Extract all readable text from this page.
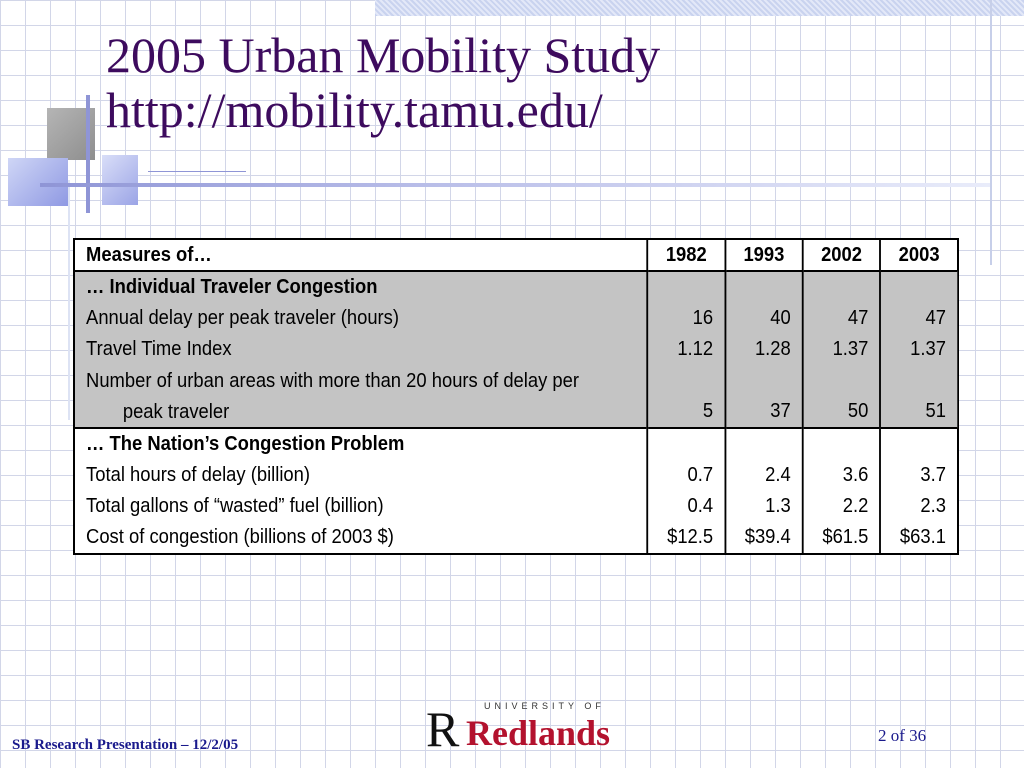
2005 Urban Mobility Study
http://mobility.tamu.edu/
Measures of…	1982	1993	2002	2003
… Individual Traveler Congestion				
Annual delay per peak traveler (hours)	16	40	47	47
Travel Time Index	1.12	1.28	1.37	1.37
Number of urban areas with more than 20 hours of delay per				
peak traveler	5	37	50	51
… The Nation’s Congestion Problem				
Total hours of delay (billion)	0.7	2.4	3.6	3.7
Total gallons of “wasted” fuel (billion)	0.4	1.3	2.2	2.3
Cost of congestion (billions of 2003 $)	$12.5	$39.4	$61.5	$63.1
SB Research Presentation – 12/2/05
UNIVERSITY OF
R Redlands	2 of 36
